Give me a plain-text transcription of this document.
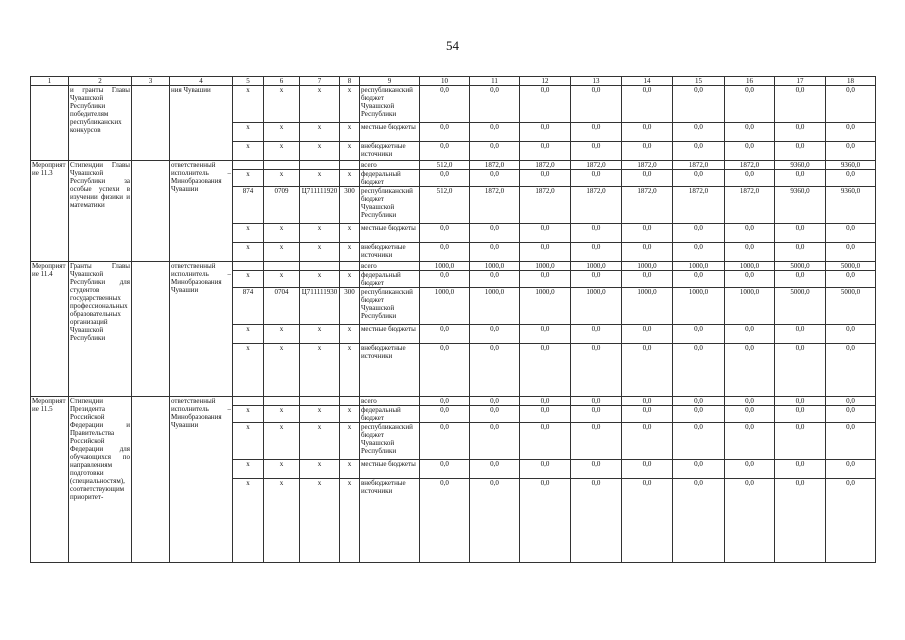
54
1	2	3	4	5	6	7	8	9	10	11	12	13	14	15	16	17	18
	и гранты Главы Чувашской Республики победителям республиканских конкурсов		ния Чувашии	х	х	х	х	республиканский бюджет Чувашской Республики	0,0	0,0	0,0	0,0	0,0	0,0	0,0	0,0	0,0
				х	х	х	х	местные бюджеты	0,0	0,0	0,0	0,0	0,0	0,0	0,0	0,0	0,0
				х	х	х	х	внебюджетные источники	0,0	0,0	0,0	0,0	0,0	0,0	0,0	0,0	0,0
Мероприятие 11.3	Стипендии Главы Чувашской Республики за особые успехи в изучении физики и математики		ответственный исполнитель – Минобразования Чувашии					всего	512,0	1872,0	1872,0	1872,0	1872,0	1872,0	1872,0	9360,0	9360,0
				х	х	х	х	федеральный бюджет	0,0	0,0	0,0	0,0	0,0	0,0	0,0	0,0	0,0
				874	0709	Ц711111920	300	республиканский бюджет Чувашской Республики	512,0	1872,0	1872,0	1872,0	1872,0	1872,0	1872,0	9360,0	9360,0
				х	х	х	х	местные бюджеты	0,0	0,0	0,0	0,0	0,0	0,0	0,0	0,0	0,0
				х	х	х	х	внебюджетные источники	0,0	0,0	0,0	0,0	0,0	0,0	0,0	0,0	0,0
Мероприятие 11.4	Гранты Главы Чувашской Республики для студентов государственных профессиональных образовательных организаций Чувашской Республики		ответственный исполнитель – Минобразования Чувашии					всего	1000,0	1000,0	1000,0	1000,0	1000,0	1000,0	1000,0	5000,0	5000,0
				х	х	х	х	федеральный бюджет	0,0	0,0	0,0	0,0	0,0	0,0	0,0	0,0	0,0
				874	0704	Ц711111930	300	республиканский бюджет Чувашской Республики	1000,0	1000,0	1000,0	1000,0	1000,0	1000,0	1000,0	5000,0	5000,0
				х	х	х	х	местные бюджеты	0,0	0,0	0,0	0,0	0,0	0,0	0,0	0,0	0,0
				х	х	х	х	внебюджетные источники	0,0	0,0	0,0	0,0	0,0	0,0	0,0	0,0	0,0
Мероприятие 11.5	Стипендии Президента Российской Федерации и Правительства Российской Федерации для обучающихся по направлениям подготовки (специальностям), соответствующим приоритет-		ответственный исполнитель – Минобразования Чувашии					всего	0,0	0,0	0,0	0,0	0,0	0,0	0,0	0,0	0,0
				х	х	х	х	федеральный бюджет	0,0	0,0	0,0	0,0	0,0	0,0	0,0	0,0	0,0
				х	х	х	х	республиканский бюджет Чувашской Республики	0,0	0,0	0,0	0,0	0,0	0,0	0,0	0,0	0,0
				х	х	х	х	местные бюджеты	0,0	0,0	0,0	0,0	0,0	0,0	0,0	0,0	0,0
				х	х	х	х	внебюджетные источники	0,0	0,0	0,0	0,0	0,0	0,0	0,0	0,0	0,0
